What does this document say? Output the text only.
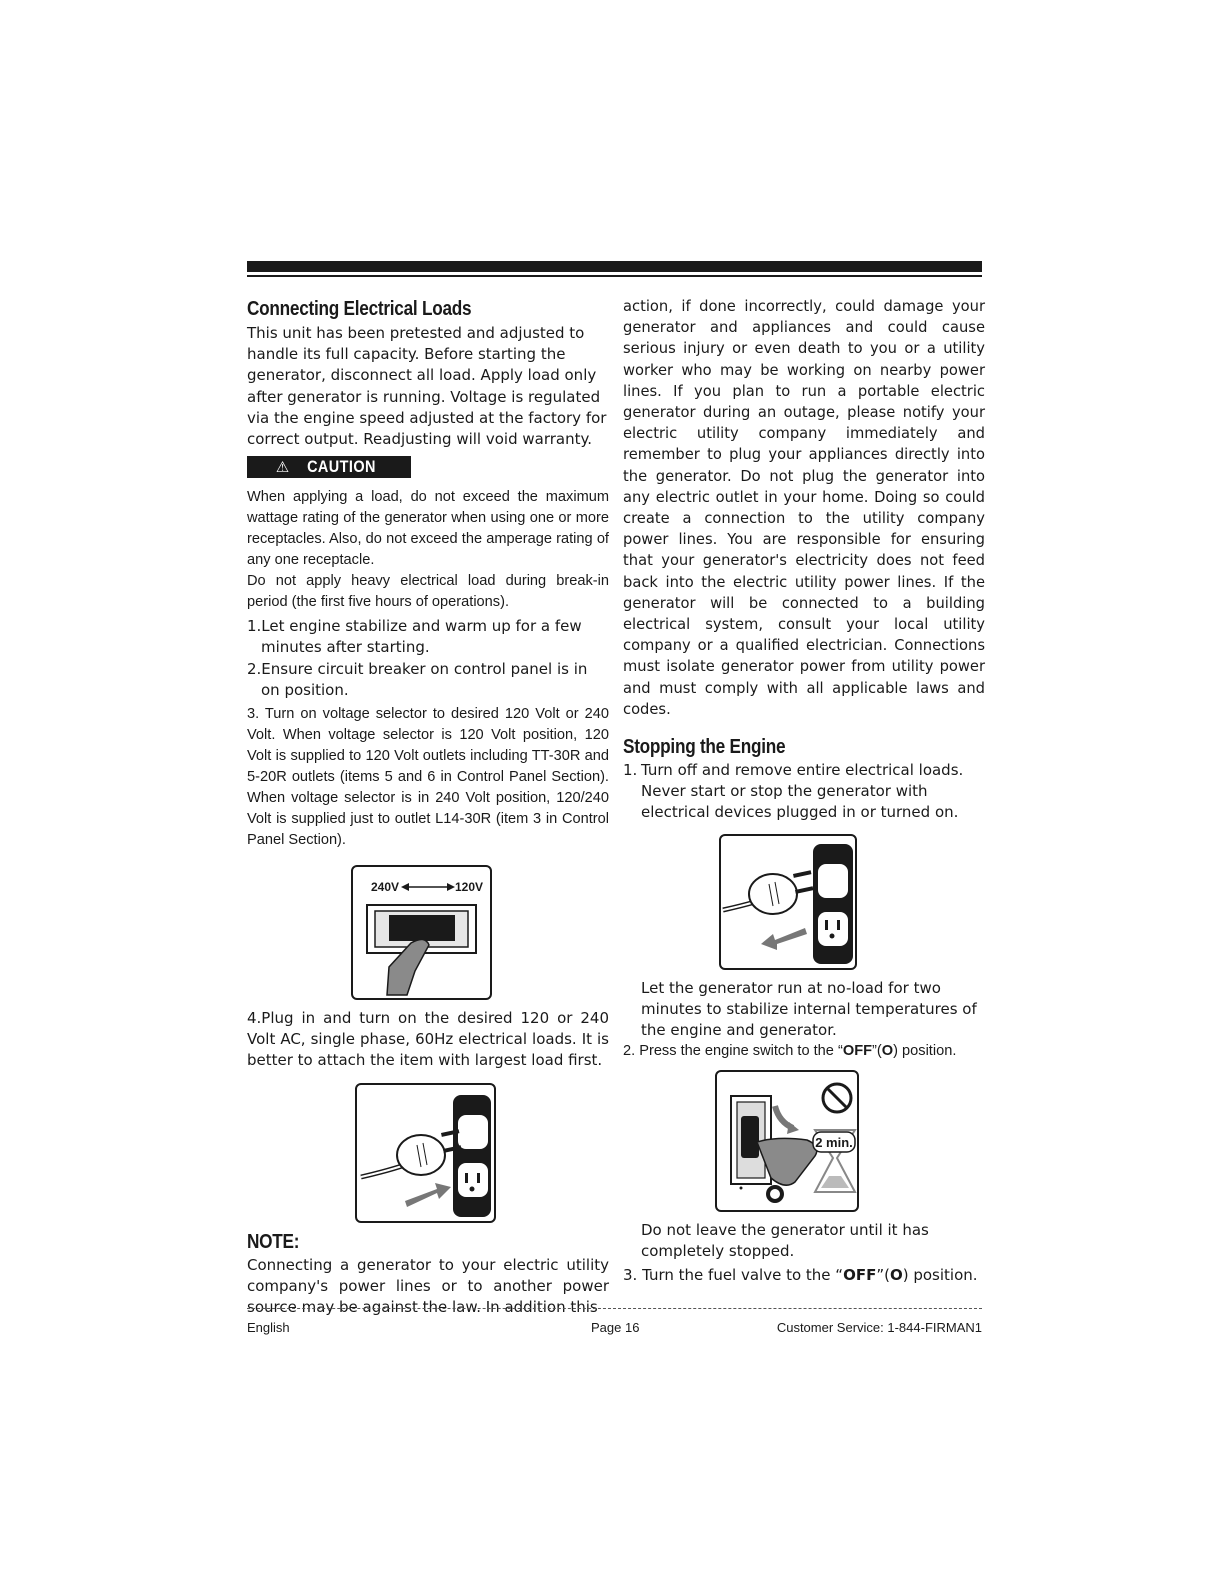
Connecting Electrical Loads

This unit has been pretested and adjusted to handle its full capacity. Before starting the generator, disconnect all load. Apply load only after generator is running. Voltage is regulated via the engine speed adjusted at the factory for correct output. Readjusting will void warranty.

⚠ CAUTION

When applying a load, do not exceed the maximum wattage rating of the generator when using one or more receptacles. Also, do not exceed the amperage rating of any one receptacle.

Do not apply heavy electrical load during break-in period (the first five hours of operations).

1.Let engine stabilize and warm up for a few minutes after starting.

2.Ensure circuit breaker on control panel is in on position.

3. Turn on voltage selector to desired 120 Volt or 240 Volt. When voltage selector is 120 Volt position, 120 Volt is supplied to 120 Volt outlets including TT-30R and 5-20R outlets (items 5 and 6 in Control Panel Section). When voltage selector is in 240 Volt position, 120/240 Volt is supplied just to outlet L14-30R (item 3 in Control Panel Section).

240V	120V

4.Plug in and turn on the desired 120 or 240 Volt AC, single phase, 60Hz electrical loads. It is better to attach the item with largest load first.

NOTE:

Connecting a generator to your electric utility company's power lines or to another power source may be against the law. In addition this

action, if done incorrectly, could damage your generator and appliances and could cause serious injury or even death to you or a utility worker who may be working on nearby power lines. If you plan to run a portable electric generator during an outage, please notify your electric utility company immediately and remember to plug your appliances directly into the generator. Do not plug the generator into any electric outlet in your home. Doing so could create a connection to the utility company power lines. You are responsible for ensuring that your generator's electricity does not feed back into the electric utility power lines. If the generator will be connected to a building electrical system, consult your local utility company or a qualified electrician. Connections must isolate generator power from utility power and must comply with all applicable laws and codes.

Stopping the Engine
1. Turn off and remove entire electrical loads. Never start or stop the generator with electrical devices plugged in or turned on.

Let the generator run at no-load for two minutes to stabilize internal temperatures of the engine and generator.

2. Press the engine switch to the “OFF”(O) position.

2 min.

Do not leave the generator until it has completely stopped.

3. Turn the fuel valve to the “OFF”(O) position.

English	Page 16	Customer Service: 1-844-FIRMAN1
